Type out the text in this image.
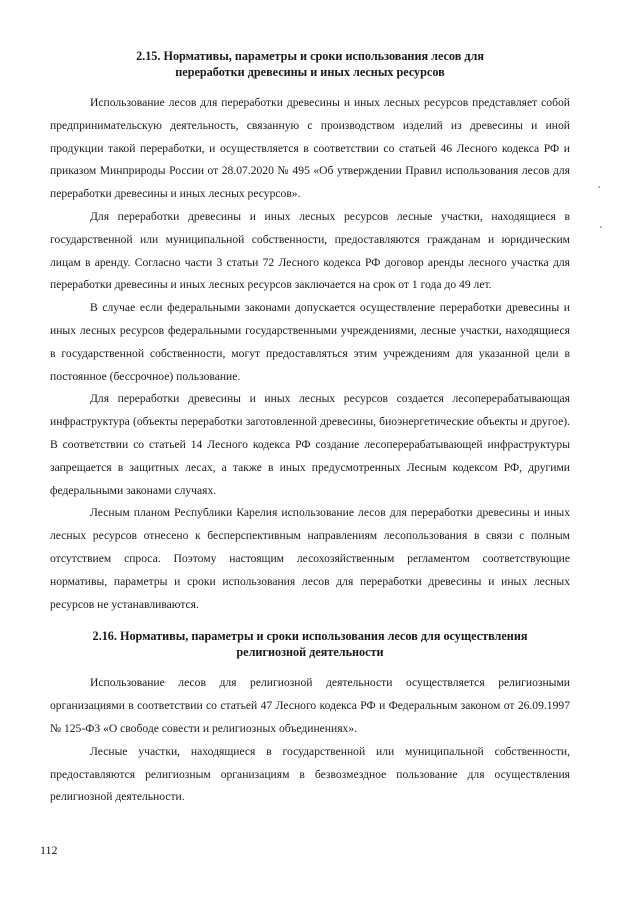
2.15. Нормативы, параметры и сроки использования лесов для
переработки древесины и иных лесных ресурсов

Использование лесов для переработки древесины и иных лесных ресурсов представляет собой предпринимательскую деятельность, связанную с производством изделий из древесины и иной продукции такой переработки, и осуществляется в соответствии со статьей 46 Лесного кодекса РФ и приказом Минприроды России от 28.07.2020 № 495 «Об утверждении Правил использования лесов для переработки древесины и иных лесных ресурсов».

Для переработки древесины и иных лесных ресурсов лесные участки, находящиеся в государственной или муниципальной собственности, предоставляются гражданам и юридическим лицам в аренду. Согласно части 3 статьи 72 Лесного кодекса РФ договор аренды лесного участка для переработки древесины и иных лесных ресурсов заключается на срок от 1 года до 49 лет.

В случае если федеральными законами допускается осуществление переработки древесины и иных лесных ресурсов федеральными государственными учреждениями, лесные участки, находящиеся в государственной собственности, могут предоставляться этим учреждениям для указанной цели в постоянное (бессрочное) пользование.

Для переработки древесины и иных лесных ресурсов создается лесоперерабатывающая инфраструктура (объекты переработки заготовленной древесины, биоэнергетические объекты и другое). В соответствии со статьей 14 Лесного кодекса РФ создание лесоперерабатывающей инфраструктуры запрещается в защитных лесах, а также в иных предусмотренных Лесным кодексом РФ, другими федеральными законами случаях.

Лесным планом Республики Карелия использование лесов для переработки древесины и иных лесных ресурсов отнесено к бесперспективным направлениям лесопользования в связи с полным отсутствием спроса. Поэтому настоящим лесохозяйственным регламентом соответствующие нормативы, параметры и сроки использования лесов для переработки древесины и иных лесных ресурсов не устанавливаются.

2.16. Нормативы, параметры и сроки использования лесов для осуществления
религиозной деятельности

Использование лесов для религиозной деятельности осуществляется религиозными организациями в соответствии со статьей 47 Лесного кодекса РФ и Федеральным законом от 26.09.1997 № 125-ФЗ «О свободе совести и религиозных объединениях».

Лесные участки, находящиеся в государственной или муниципальной собственности, предоставляются религиозным организациям в безвозмездное пользование для осуществления религиозной деятельности.

112
